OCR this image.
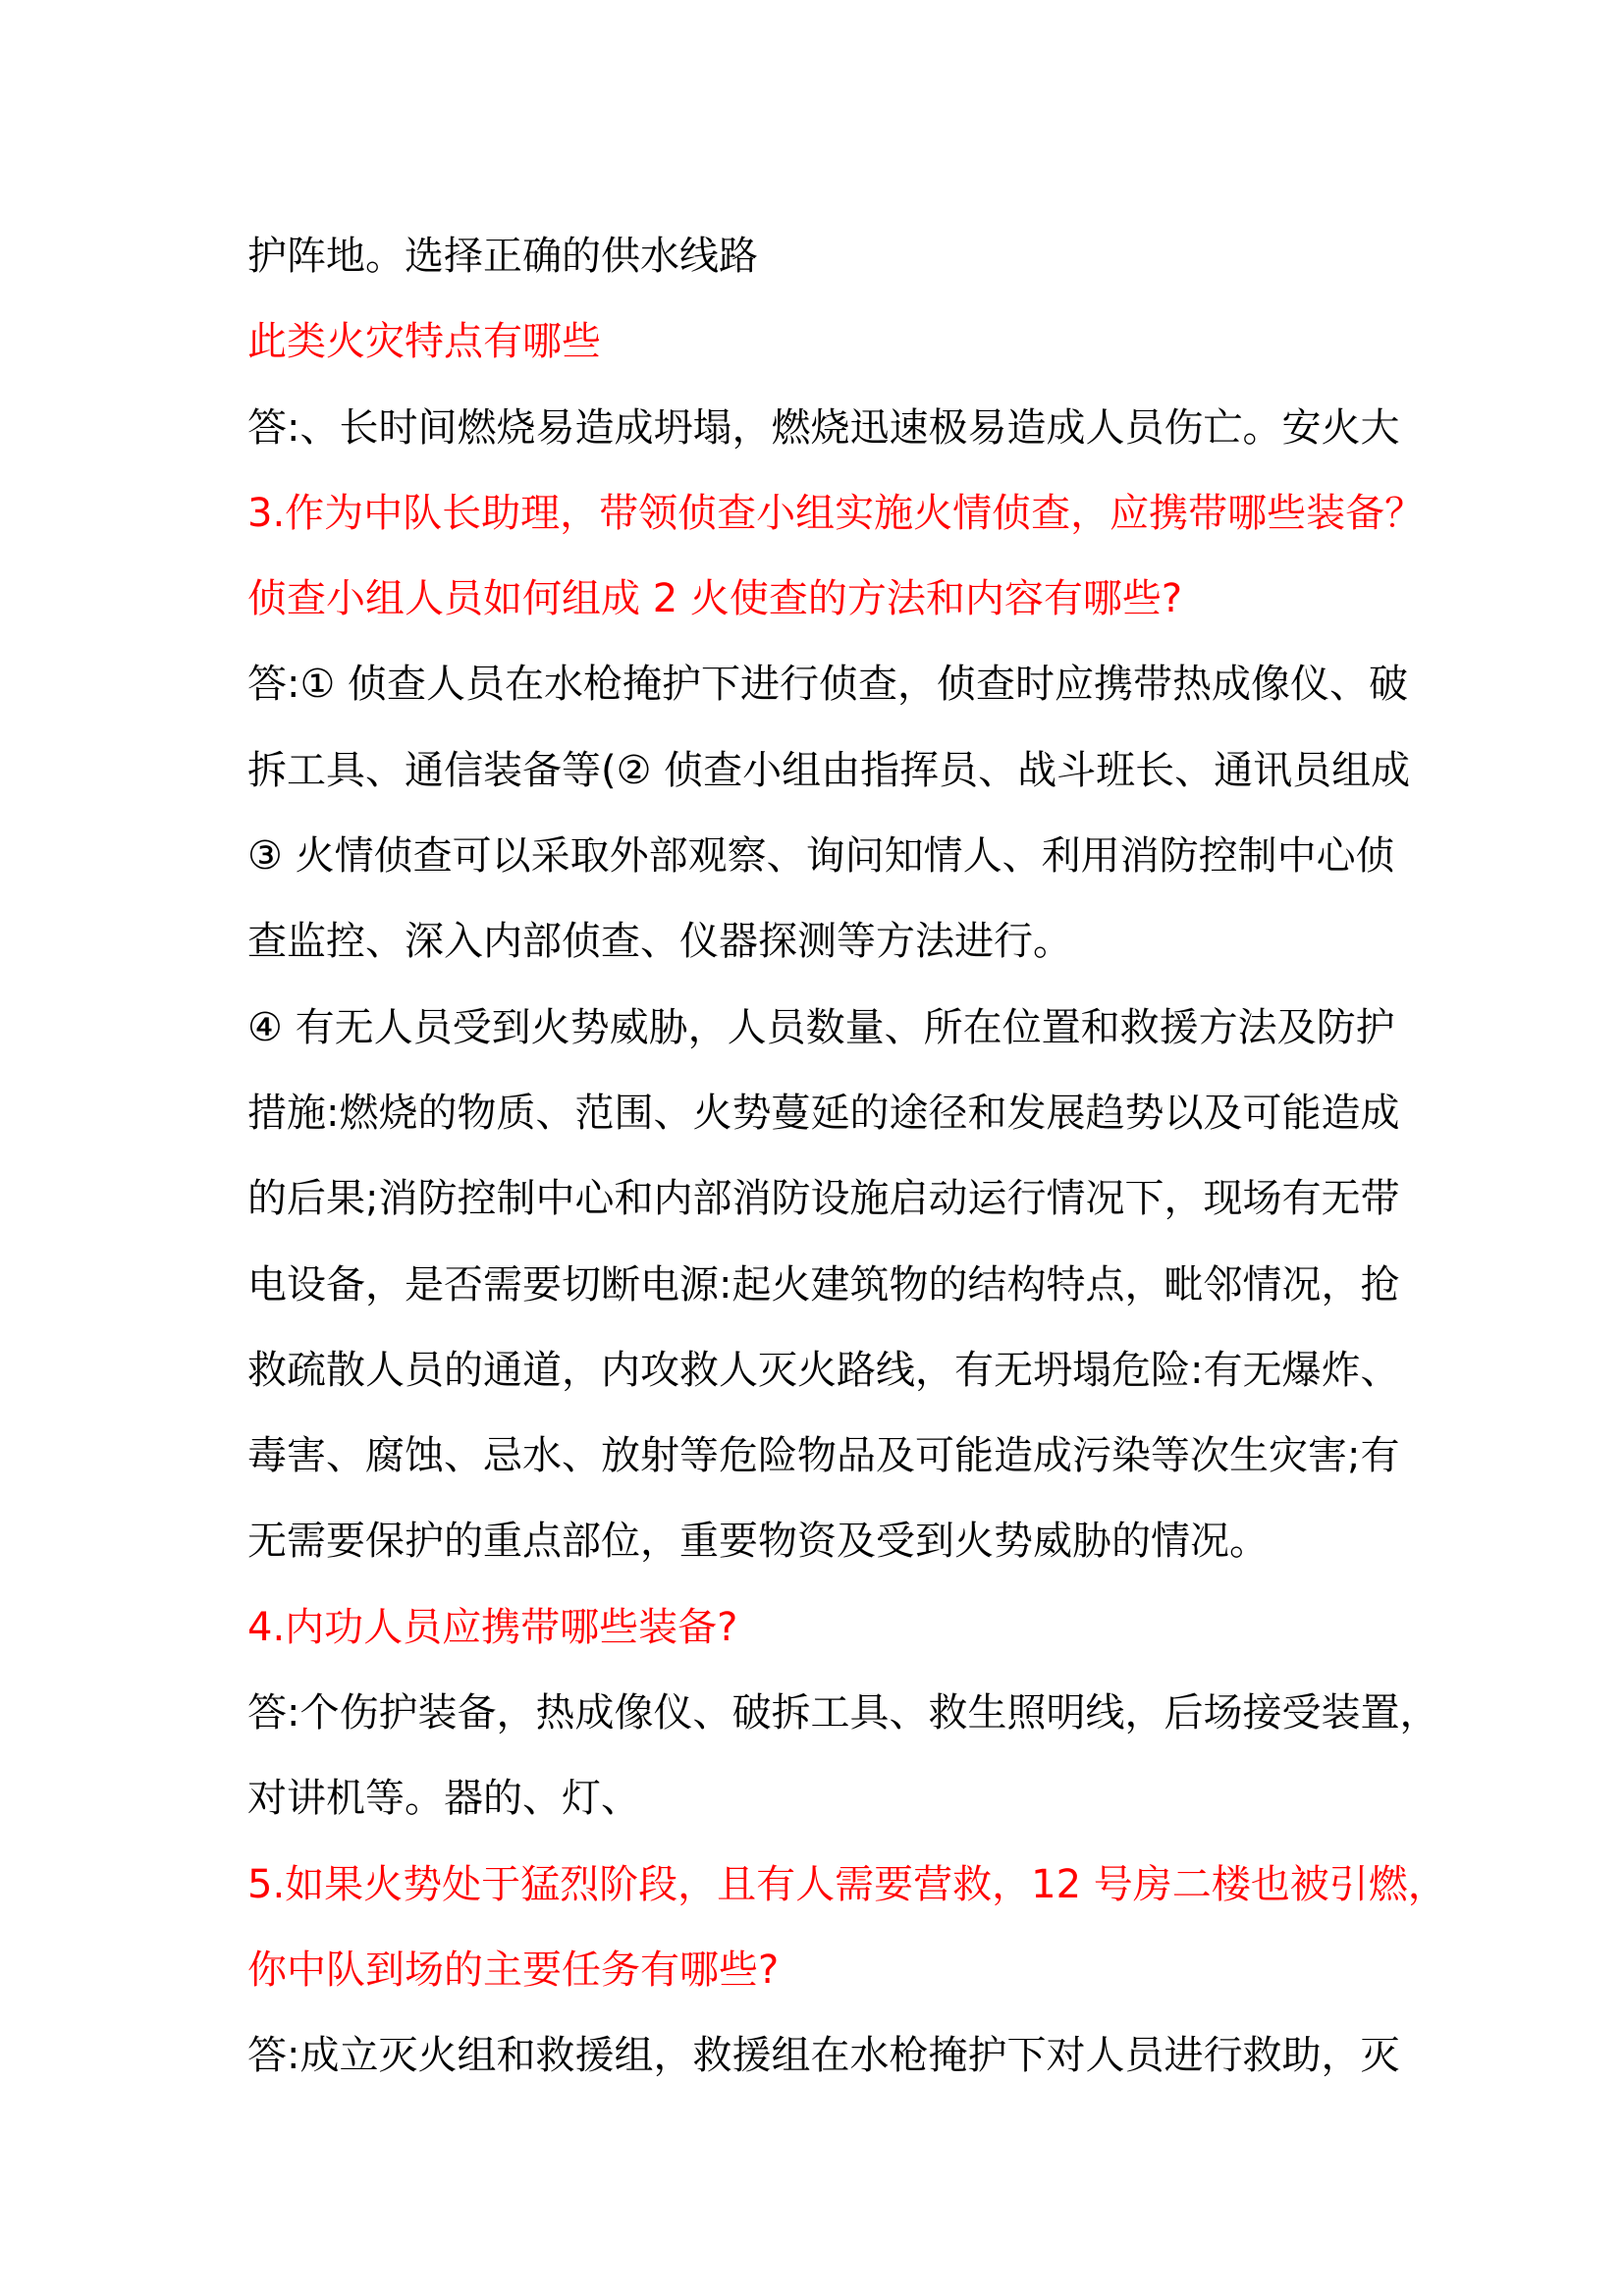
护阵地。选择正确的供水线路
此类火灾特点有哪些
答:、长时间燃烧易造成坍塌，燃烧迅速极易造成人员伤亡。安火大
3.作为中队长助理，带领侦查小组实施火情侦查，应携带哪些装备？
侦查小组人员如何组成 2 火使查的方法和内容有哪些?
答:① 侦查人员在水枪掩护下进行侦查，侦查时应携带热成像仪、破
拆工具、通信装备等(② 侦查小组由指挥员、战斗班长、通讯员组成
③ 火情侦查可以采取外部观察、询问知情人、利用消防控制中心侦
查监控、深入内部侦查、仪器探测等方法进行。
④ 有无人员受到火势威胁，人员数量、所在位置和救援方法及防护
措施:燃烧的物质、范围、火势蔓延的途径和发展趋势以及可能造成
的后果;消防控制中心和内部消防设施启动运行情况下，现场有无带
电设备，是否需要切断电源:起火建筑物的结构特点，毗邻情况，抢
救疏散人员的通道，内攻救人灭火路线，有无坍塌危险:有无爆炸、
毒害、腐蚀、忌水、放射等危险物品及可能造成污染等次生灾害;有
无需要保护的重点部位，重要物资及受到火势威胁的情况。
4.内功人员应携带哪些装备?
答:个伤护装备，热成像仪、破拆工具、救生照明线，后场接受装置，
对讲机等。器的、灯、
5.如果火势处于猛烈阶段，且有人需要营救，12 号房二楼也被引燃，
你中队到场的主要任务有哪些?
答:成立灭火组和救援组，救援组在水枪掩护下对人员进行救助，灭
